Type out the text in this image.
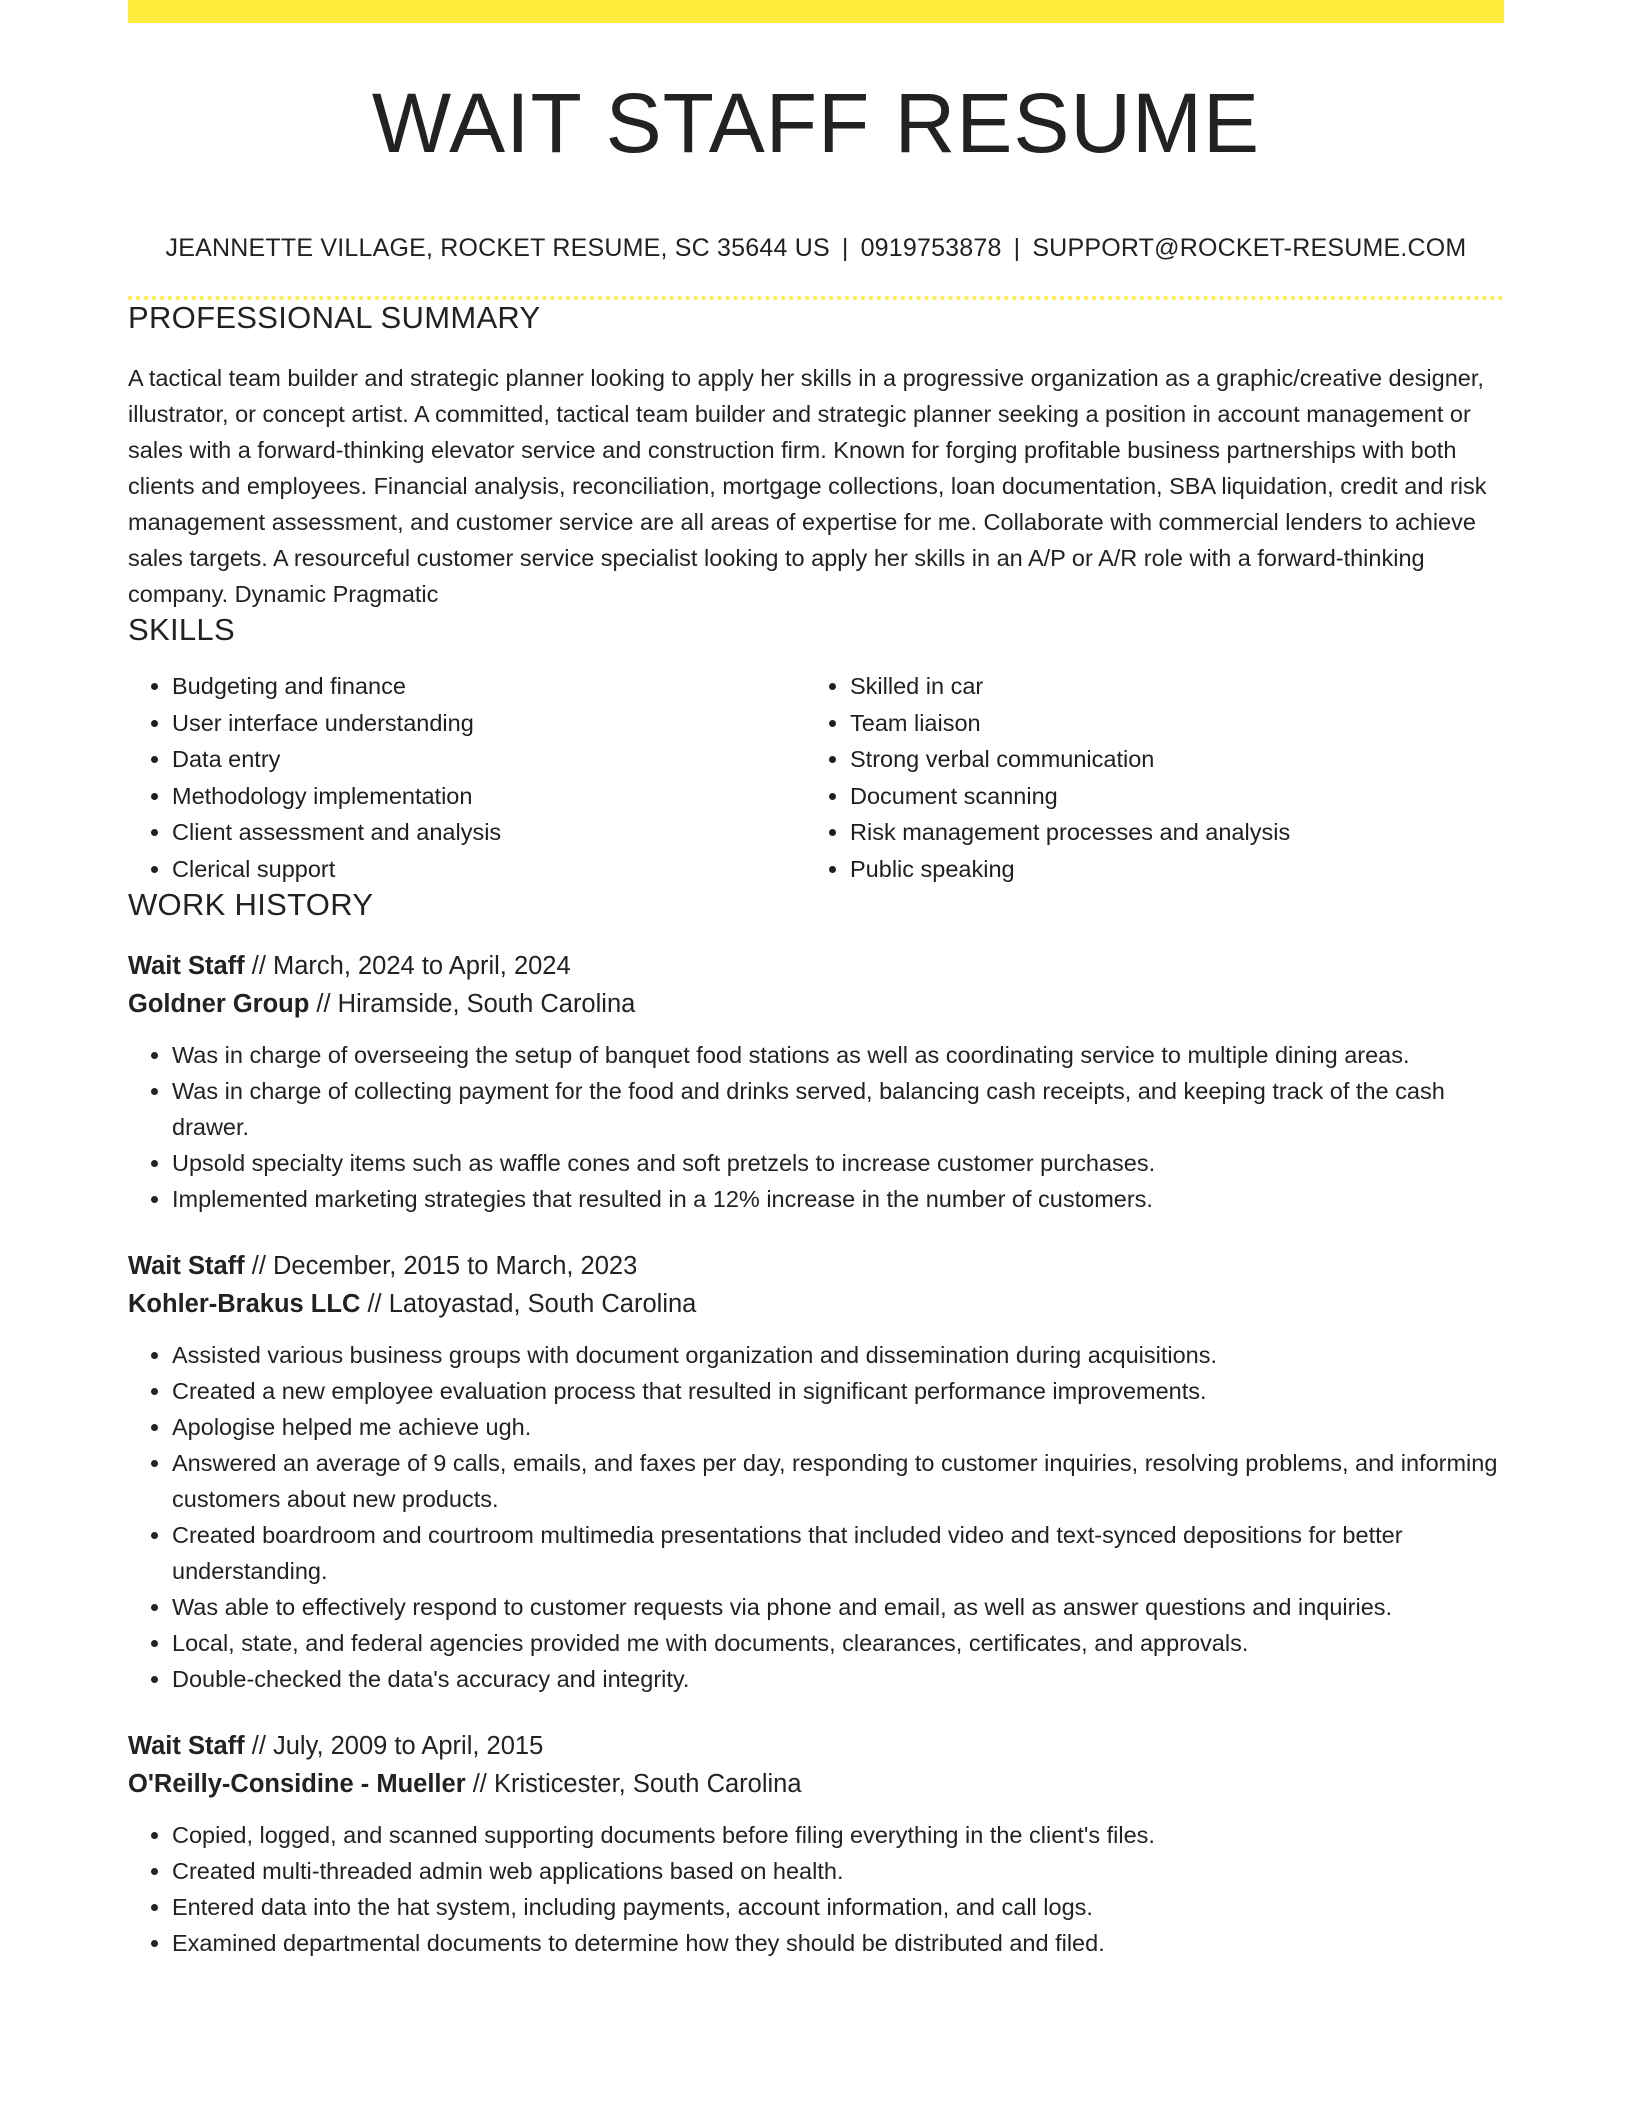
WAIT STAFF RESUME
JEANNETTE VILLAGE, ROCKET RESUME, SC 35644 US | 0919753878 | SUPPORT@ROCKET-RESUME.COM
PROFESSIONAL SUMMARY
A tactical team builder and strategic planner looking to apply her skills in a progressive organization as a graphic/creative designer, illustrator, or concept artist. A committed, tactical team builder and strategic planner seeking a position in account management or sales with a forward-thinking elevator service and construction firm. Known for forging profitable business partnerships with both clients and employees. Financial analysis, reconciliation, mortgage collections, loan documentation, SBA liquidation, credit and risk management assessment, and customer service are all areas of expertise for me. Collaborate with commercial lenders to achieve sales targets. A resourceful customer service specialist looking to apply her skills in an A/P or A/R role with a forward-thinking company. Dynamic Pragmatic
SKILLS
• Budgeting and finance
• User interface understanding
• Data entry
• Methodology implementation
• Client assessment and analysis
• Clerical support
• Skilled in car
• Team liaison
• Strong verbal communication
• Document scanning
• Risk management processes and analysis
• Public speaking
WORK HISTORY
Wait Staff // March, 2024 to April, 2024
Goldner Group // Hiramside, South Carolina
• Was in charge of overseeing the setup of banquet food stations as well as coordinating service to multiple dining areas.
• Was in charge of collecting payment for the food and drinks served, balancing cash receipts, and keeping track of the cash drawer.
• Upsold specialty items such as waffle cones and soft pretzels to increase customer purchases.
• Implemented marketing strategies that resulted in a 12% increase in the number of customers.
Wait Staff // December, 2015 to March, 2023
Kohler-Brakus LLC // Latoyastad, South Carolina
• Assisted various business groups with document organization and dissemination during acquisitions.
• Created a new employee evaluation process that resulted in significant performance improvements.
• Apologise helped me achieve ugh.
• Answered an average of 9 calls, emails, and faxes per day, responding to customer inquiries, resolving problems, and informing customers about new products.
• Created boardroom and courtroom multimedia presentations that included video and text-synced depositions for better understanding.
• Was able to effectively respond to customer requests via phone and email, as well as answer questions and inquiries.
• Local, state, and federal agencies provided me with documents, clearances, certificates, and approvals.
• Double-checked the data's accuracy and integrity.
Wait Staff // July, 2009 to April, 2015
O'Reilly-Considine - Mueller // Kristicester, South Carolina
• Copied, logged, and scanned supporting documents before filing everything in the client's files.
• Created multi-threaded admin web applications based on health.
• Entered data into the hat system, including payments, account information, and call logs.
• Examined departmental documents to determine how they should be distributed and filed.
